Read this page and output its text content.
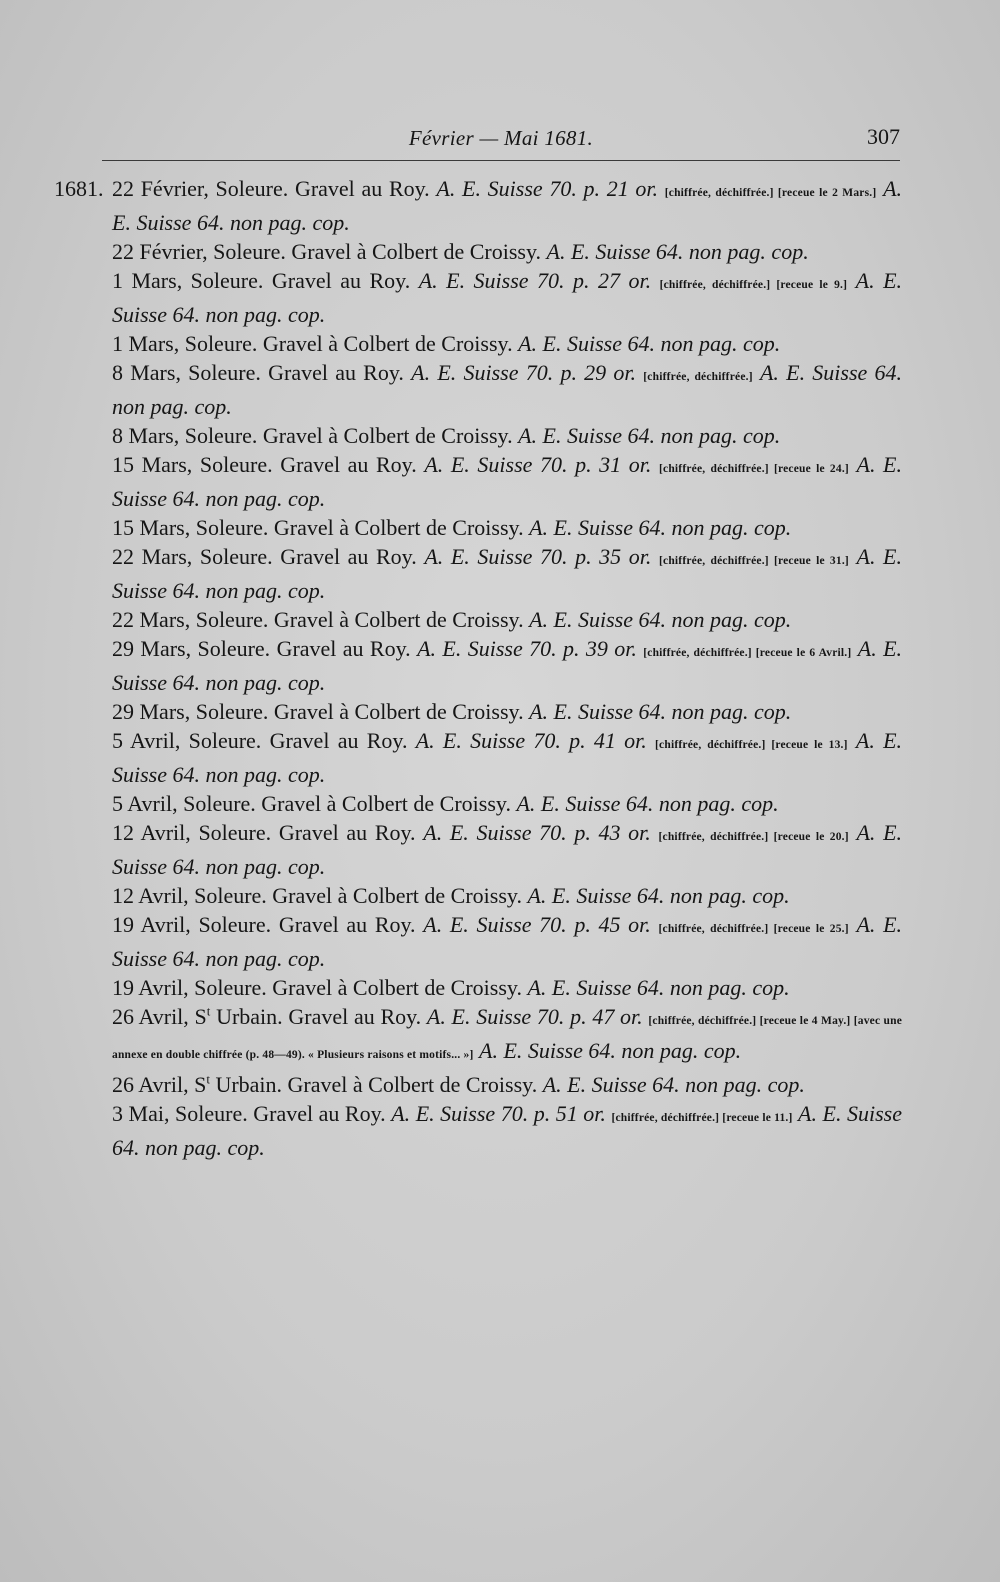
Février — Mai 1681.	307
1681. 22 Février, Soleure. Gravel au Roy. A. E. Suisse 70. p. 21 or. [chiffrée, déchiffrée.] [receue le 2 Mars.] A. E. Suisse 64. non pag. cop.
22 Février, Soleure. Gravel à Colbert de Croissy. A. E. Suisse 64. non pag. cop.
1 Mars, Soleure. Gravel au Roy. A. E. Suisse 70. p. 27 or. [chiffrée, déchiffrée.] [receue le 9.] A. E. Suisse 64. non pag. cop.
1 Mars, Soleure. Gravel à Colbert de Croissy. A. E. Suisse 64. non pag. cop.
8 Mars, Soleure. Gravel au Roy. A. E. Suisse 70. p. 29 or. [chiffrée, déchiffrée.] A. E. Suisse 64. non pag. cop.
8 Mars, Soleure. Gravel à Colbert de Croissy. A. E. Suisse 64. non pag. cop.
15 Mars, Soleure. Gravel au Roy. A. E. Suisse 70. p. 31 or. [chiffrée, déchiffrée.] [receue le 24.] A. E. Suisse 64. non pag. cop.
15 Mars, Soleure. Gravel à Colbert de Croissy. A. E. Suisse 64. non pag. cop.
22 Mars, Soleure. Gravel au Roy. A. E. Suisse 70. p. 35 or. [chiffrée, déchiffrée.] [receue le 31.] A. E. Suisse 64. non pag. cop.
22 Mars, Soleure. Gravel à Colbert de Croissy. A. E. Suisse 64. non pag. cop.
29 Mars, Soleure. Gravel au Roy. A. E. Suisse 70. p. 39 or. [chiffrée, déchiffrée.] [receue le 6 Avril.] A. E. Suisse 64. non pag. cop.
29 Mars, Soleure. Gravel à Colbert de Croissy. A. E. Suisse 64. non pag. cop.
5 Avril, Soleure. Gravel au Roy. A. E. Suisse 70. p. 41 or. [chiffrée, déchiffrée.] [receue le 13.] A. E. Suisse 64. non pag. cop.
5 Avril, Soleure. Gravel à Colbert de Croissy. A. E. Suisse 64. non pag. cop.
12 Avril, Soleure. Gravel au Roy. A. E. Suisse 70. p. 43 or. [chiffrée, déchiffrée.] [receue le 20.] A. E. Suisse 64. non pag. cop.
12 Avril, Soleure. Gravel à Colbert de Croissy. A. E. Suisse 64. non pag. cop.
19 Avril, Soleure. Gravel au Roy. A. E. Suisse 70. p. 45 or. [chiffrée, déchiffrée.] [receue le 25.] A. E. Suisse 64. non pag. cop.
19 Avril, Soleure. Gravel à Colbert de Croissy. A. E. Suisse 64. non pag. cop.
26 Avril, $S^t$ Urbain. Gravel au Roy. A. E. Suisse 70. p. 47 or. [chiffrée, déchiffrée.] [receue le 4 May.] [avec une annexe en double chiffrée (p. 48—49). « Plusieurs raisons et motifs... »] A. E. Suisse 64. non pag. cop.
26 Avril, $S^t$ Urbain. Gravel à Colbert de Croissy. A. E. Suisse 64. non pag. cop.
3 Mai, Soleure. Gravel au Roy. A. E. Suisse 70. p. 51 or. [chiffrée, déchiffrée.] [receue le 11.] A. E. Suisse 64. non pag. cop.
